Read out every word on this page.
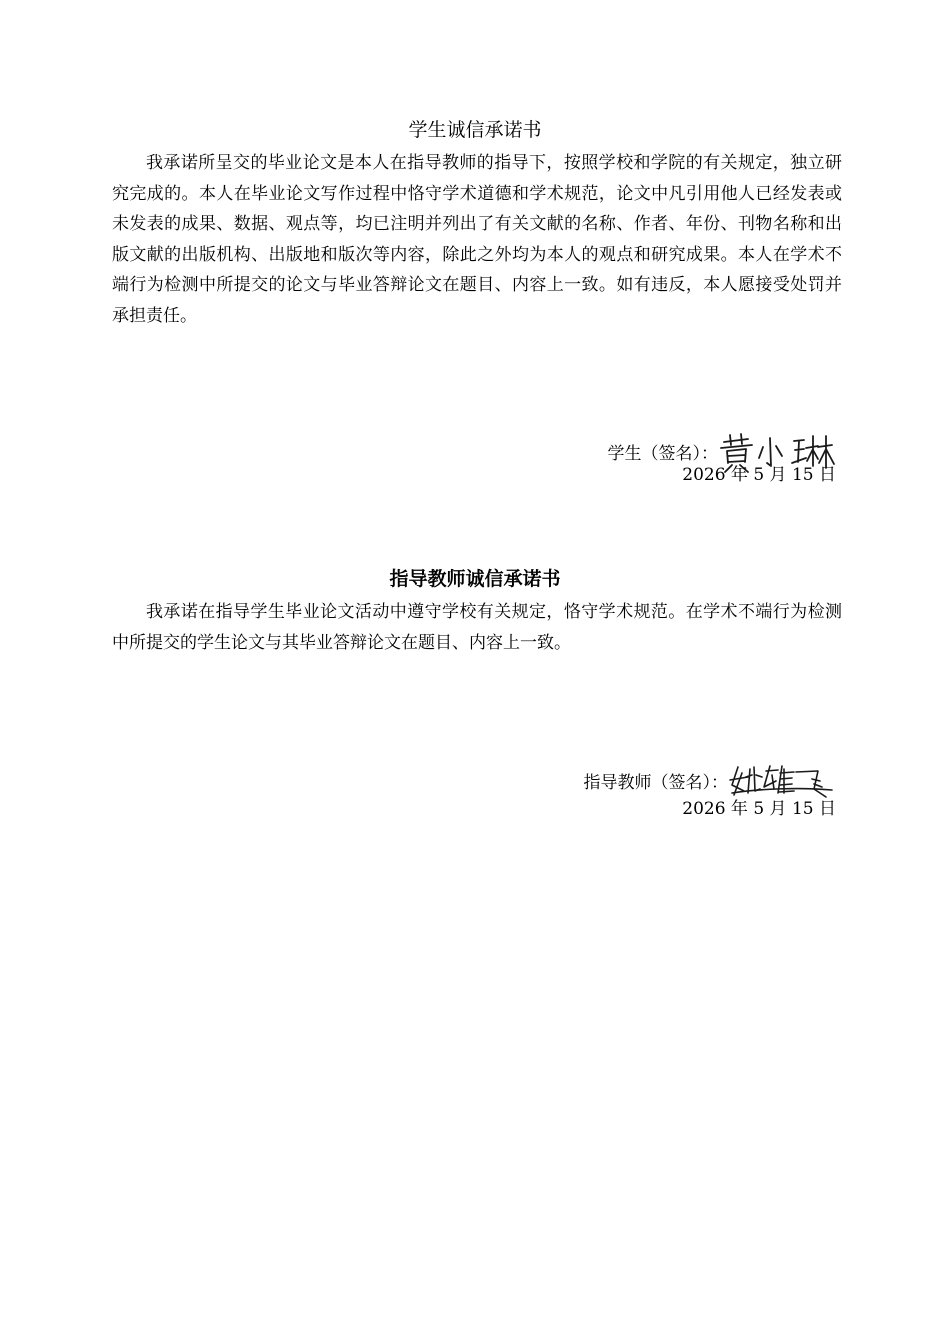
学生诚信承诺书

我承诺所呈交的毕业论文是本人在指导教师的指导下，按照学校和学院的有关规定，独立研究完成的。本人在毕业论文写作过程中恪守学术道德和学术规范，论文中凡引用他人已经发表或未发表的成果、数据、观点等，均已注明并列出了有关文献的名称、作者、年份、刊物名称和出版文献的出版机构、出版地和版次等内容，除此之外均为本人的观点和研究成果。本人在学术不端行为检测中所提交的论文与毕业答辩论文在题目、内容上一致。如有违反，本人愿接受处罚并承担责任。

学生（签名）：
2026 年 5 月 15 日
指导教师诚信承诺书

我承诺在指导学生毕业论文活动中遵守学校有关规定，恪守学术规范。在学术不端行为检测中所提交的学生论文与其毕业答辩论文在题目、内容上一致。

指导教师（签名）：
2026 年 5 月 15 日
